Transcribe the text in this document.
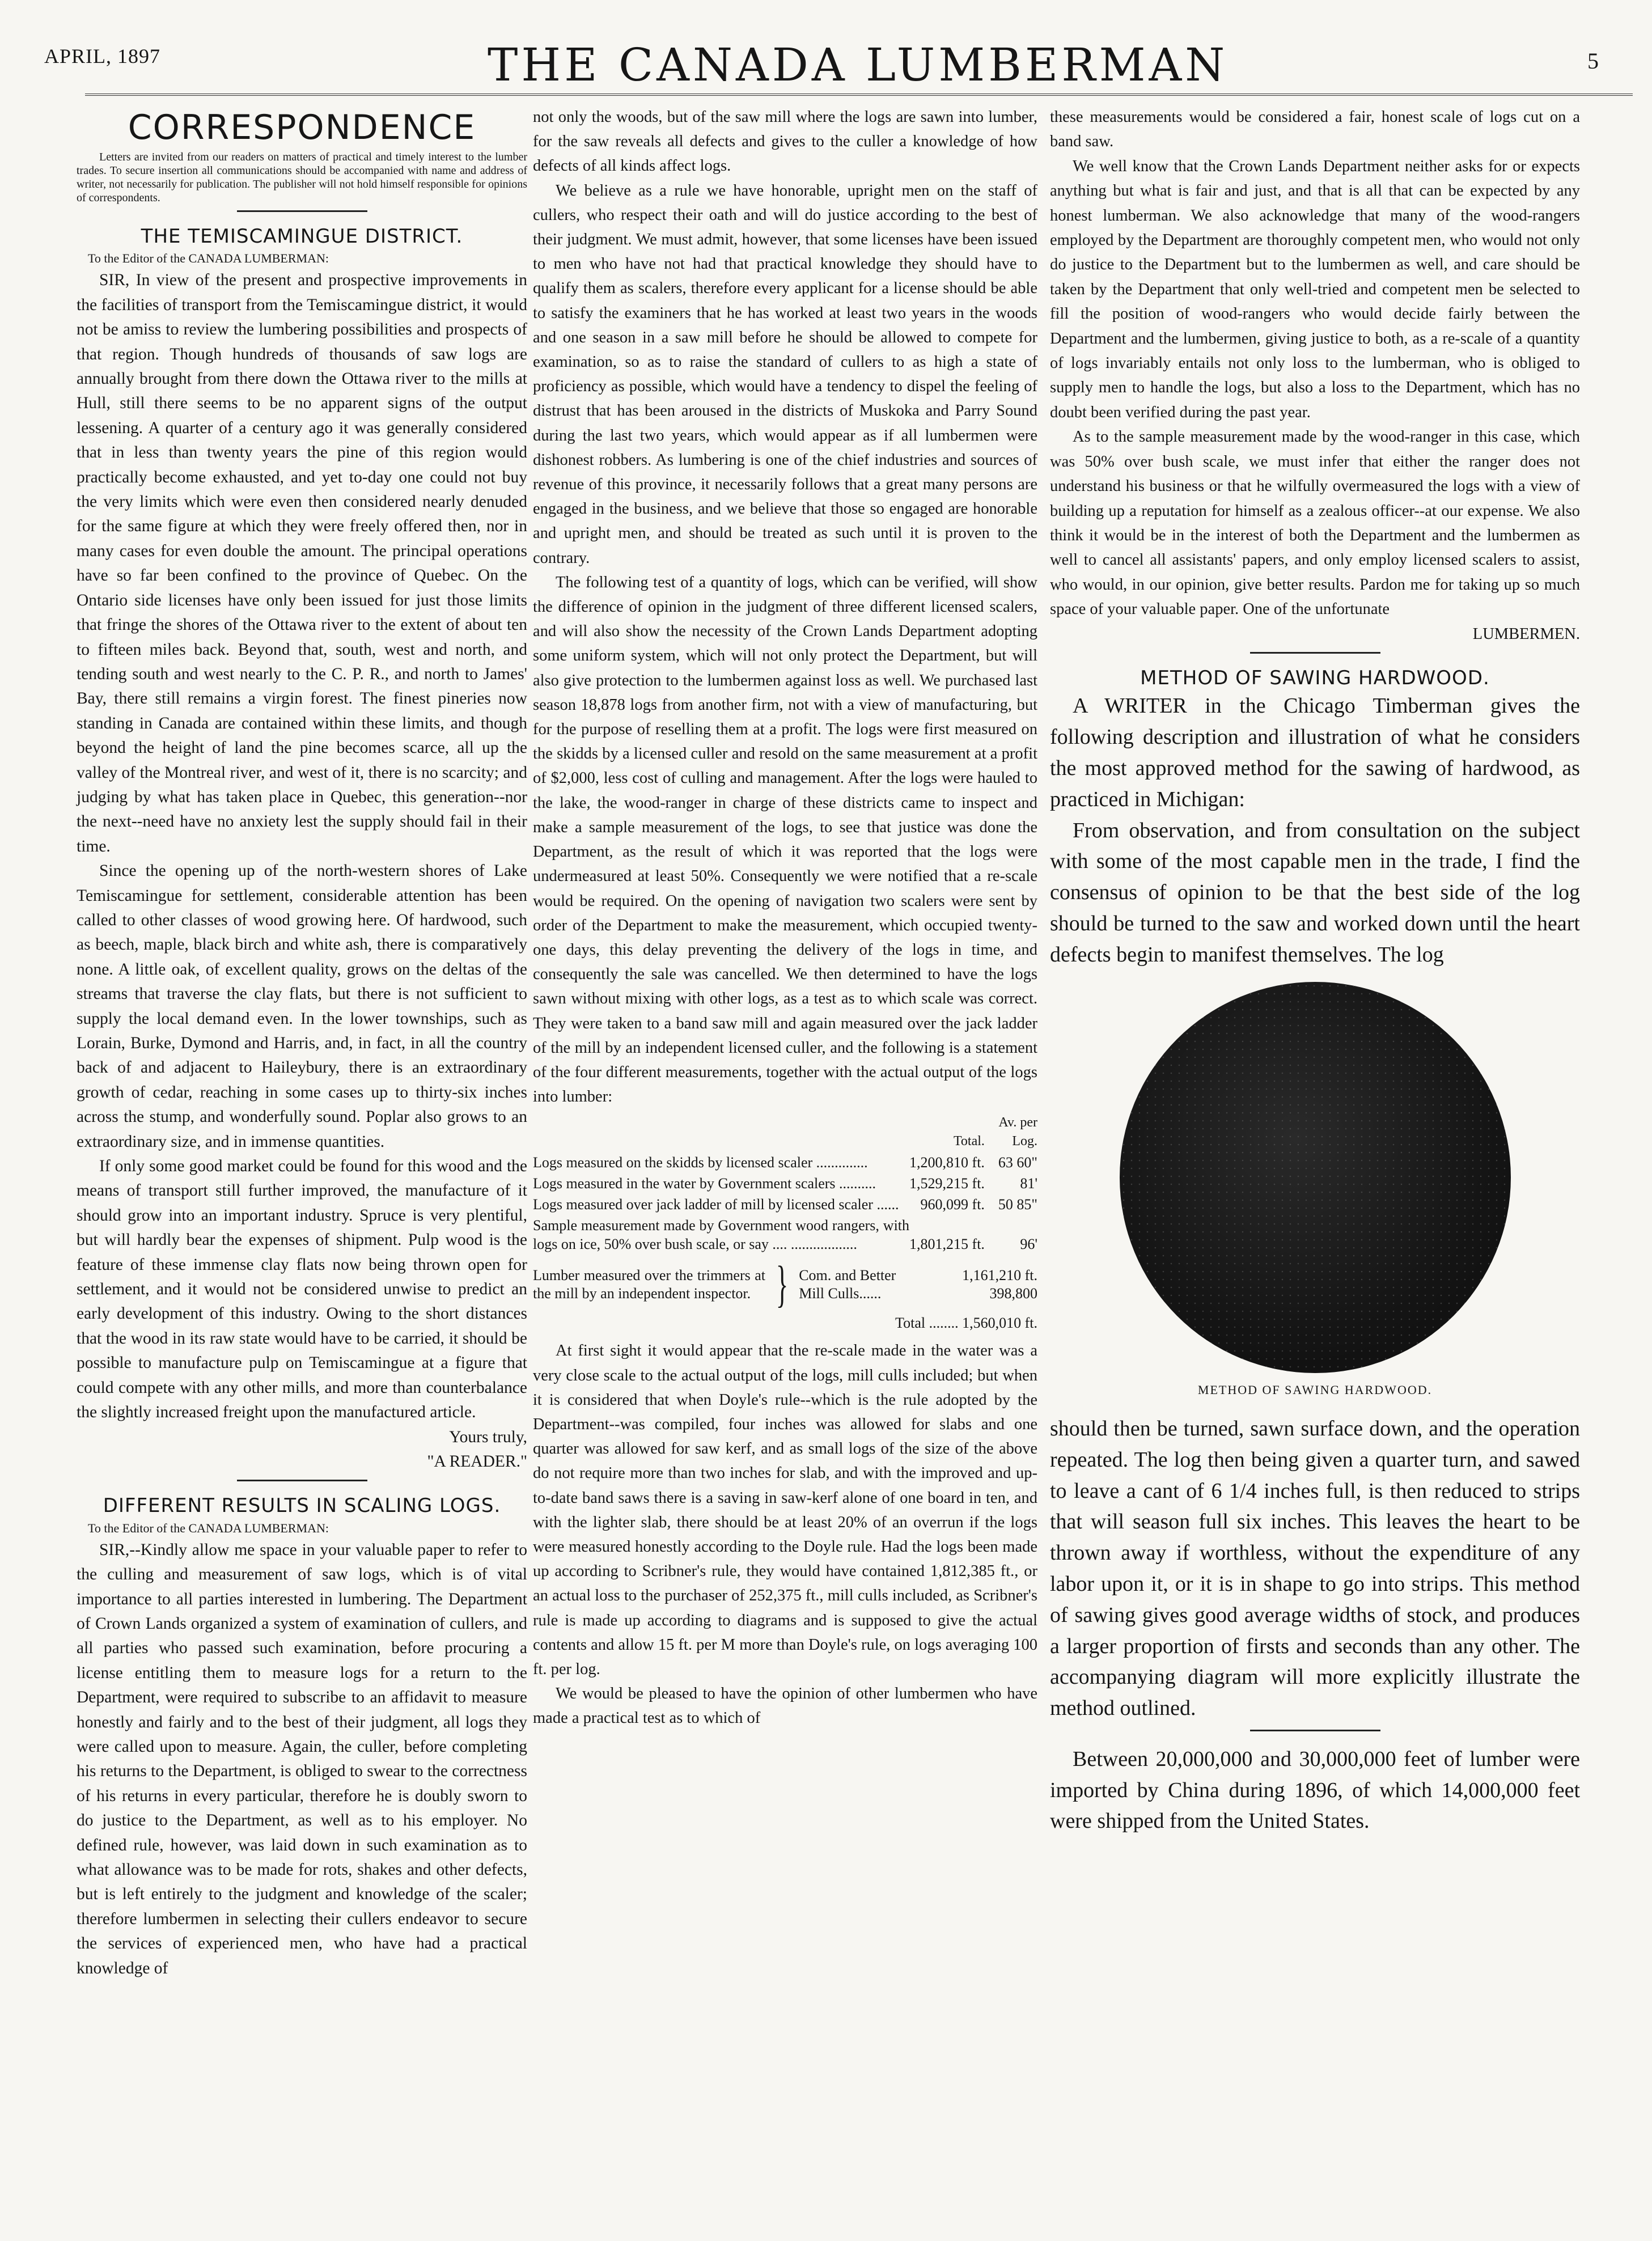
APRIL, 1897	THE CANADA LUMBERMAN	5
CORRESPONDENCE

Letters are invited from our readers on matters of practical and timely interest to the lumber trades. To secure insertion all communications should be accompanied with name and address of writer, not necessarily for publication. The publisher will not hold himself responsible for opinions of correspondents.

THE TEMISCAMINGUE DISTRICT.
To the Editor of the CANADA LUMBERMAN:

SIR, In view of the present and prospective improvements in the facilities of transport from the Temiscamingue district, it would not be amiss to review the lumbering possibilities and prospects of that region. Though hundreds of thousands of saw logs are annually brought from there down the Ottawa river to the mills at Hull, still there seems to be no apparent signs of the output lessening. A quarter of a century ago it was generally considered that in less than twenty years the pine of this region would practically become exhausted, and yet to-day one could not buy the very limits which were even then considered nearly denuded for the same figure at which they were freely offered then, nor in many cases for even double the amount. The principal operations have so far been confined to the province of Quebec. On the Ontario side licenses have only been issued for just those limits that fringe the shores of the Ottawa river to the extent of about ten to fifteen miles back. Beyond that, south, west and north, and tending south and west nearly to the C. P. R., and north to James' Bay, there still remains a virgin forest. The finest pineries now standing in Canada are contained within these limits, and though beyond the height of land the pine becomes scarce, all up the valley of the Montreal river, and west of it, there is no scarcity; and judging by what has taken place in Quebec, this generation--nor the next--need have no anxiety lest the supply should fail in their time.

Since the opening up of the north-western shores of Lake Temiscamingue for settlement, considerable attention has been called to other classes of wood growing here. Of hardwood, such as beech, maple, black birch and white ash, there is comparatively none. A little oak, of excellent quality, grows on the deltas of the streams that traverse the clay flats, but there is not sufficient to supply the local demand even. In the lower townships, such as Lorain, Burke, Dymond and Harris, and, in fact, in all the country back of and adjacent to Haileybury, there is an extraordinary growth of cedar, reaching in some cases up to thirty-six inches across the stump, and wonderfully sound. Poplar also grows to an extraordinary size, and in immense quantities.

If only some good market could be found for this wood and the means of transport still further improved, the manufacture of it should grow into an important industry. Spruce is very plentiful, but will hardly bear the expenses of shipment. Pulp wood is the feature of these immense clay flats now being thrown open for settlement, and it would not be considered unwise to predict an early development of this industry. Owing to the short distances that the wood in its raw state would have to be carried, it should be possible to manufacture pulp on Temiscamingue at a figure that could compete with any other mills, and more than counterbalance the slightly increased freight upon the manufactured article.

Yours truly,
"A READER."
DIFFERENT RESULTS IN SCALING LOGS.
To the Editor of the CANADA LUMBERMAN:

SIR,--Kindly allow me space in your valuable paper to refer to the culling and measurement of saw logs, which is of vital importance to all parties interested in lumbering. The Department of Crown Lands organized a system of examination of cullers, and all parties who passed such examination, before procuring a license entitling them to measure logs for a return to the Department, were required to subscribe to an affidavit to measure honestly and fairly and to the best of their judgment, all logs they were called upon to measure. Again, the culler, before completing his returns to the Department, is obliged to swear to the correctness of his returns in every particular, therefore he is doubly sworn to do justice to the Department, as well as to his employer. No defined rule, however, was laid down in such examination as to what allowance was to be made for rots, shakes and other defects, but is left entirely to the judgment and knowledge of the scaler; therefore lumbermen in selecting their cullers endeavor to secure the services of experienced men, who have had a practical knowledge of

not only the woods, but of the saw mill where the logs are sawn into lumber, for the saw reveals all defects and gives to the culler a knowledge of how defects of all kinds affect logs.

We believe as a rule we have honorable, upright men on the staff of cullers, who respect their oath and will do justice according to the best of their judgment. We must admit, however, that some licenses have been issued to men who have not had that practical knowledge they should have to qualify them as scalers, therefore every applicant for a license should be able to satisfy the examiners that he has worked at least two years in the woods and one season in a saw mill before he should be allowed to compete for examination, so as to raise the standard of cullers to as high a state of proficiency as possible, which would have a tendency to dispel the feeling of distrust that has been aroused in the districts of Muskoka and Parry Sound during the last two years, which would appear as if all lumbermen were dishonest robbers. As lumbering is one of the chief industries and sources of revenue of this province, it necessarily follows that a great many persons are engaged in the business, and we believe that those so engaged are honorable and upright men, and should be treated as such until it is proven to the contrary.

The following test of a quantity of logs, which can be verified, will show the difference of opinion in the judgment of three different licensed scalers, and will also show the necessity of the Crown Lands Department adopting some uniform system, which will not only protect the Department, but will also give protection to the lumbermen against loss as well. We purchased last season 18,878 logs from another firm, not with a view of manufacturing, but for the purpose of reselling them at a profit. The logs were first measured on the skidds by a licensed culler and resold on the same measurement at a profit of $2,000, less cost of culling and management. After the logs were hauled to the lake, the wood-ranger in charge of these districts came to inspect and make a sample measurement of the logs, to see that justice was done the Department, as the result of which it was reported that the logs were undermeasured at least 50%. Consequently we were notified that a re-scale would be required. On the opening of navigation two scalers were sent by order of the Department to make the measurement, which occupied twenty-one days, this delay preventing the delivery of the logs in time, and consequently the sale was cancelled. We then determined to have the logs sawn without mixing with other logs, as a test as to which scale was correct. They were taken to a band saw mill and again measured over the jack ladder of the mill by an independent licensed culler, and the following is a statement of the four different measurements, together with the actual output of the logs into lumber:

	Total.	Av. per Log.
Logs measured on the skidds by licensed scaler ..............	1,200,810 ft.	63 60"
Logs measured in the water by Government scalers ..........	1,529,215 ft.	81'
Logs measured over jack ladder of mill by licensed scaler ......	960,099 ft.	50 85"
Sample measurement made by Government wood rangers, with logs on ice, 50% over bush scale, or say .... ..................	1,801,215 ft.	96'
Lumber measured over the trimmers at the mill by an independent inspector. } Com. and Better	1,161,210 ft.
Mill Culls......	398,800
Total ........ 1,560,010 ft.

At first sight it would appear that the re-scale made in the water was a very close scale to the actual output of the logs, mill culls included; but when it is considered that when Doyle's rule--which is the rule adopted by the Department--was compiled, four inches was allowed for slabs and one quarter was allowed for saw kerf, and as small logs of the size of the above do not require more than two inches for slab, and with the improved and up-to-date band saws there is a saving in saw-kerf alone of one board in ten, and with the lighter slab, there should be at least 20% of an overrun if the logs were measured honestly according to the Doyle rule. Had the logs been made up according to Scribner's rule, they would have contained 1,812,385 ft., or an actual loss to the purchaser of 252,375 ft., mill culls included, as Scribner's rule is made up according to diagrams and is supposed to give the actual contents and allow 15 ft. per M more than Doyle's rule, on logs averaging 100 ft. per log.

We would be pleased to have the opinion of other lumbermen who have made a practical test as to which of

these measurements would be considered a fair, honest scale of logs cut on a band saw.

We well know that the Crown Lands Department neither asks for or expects anything but what is fair and just, and that is all that can be expected by any honest lumberman. We also acknowledge that many of the wood-rangers employed by the Department are thoroughly competent men, who would not only do justice to the Department but to the lumbermen as well, and care should be taken by the Department that only well-tried and competent men be selected to fill the position of wood-rangers who would decide fairly between the Department and the lumbermen, giving justice to both, as a re-scale of a quantity of logs invariably entails not only loss to the lumberman, who is obliged to supply men to handle the logs, but also a loss to the Department, which has no doubt been verified during the past year.

As to the sample measurement made by the wood-ranger in this case, which was 50% over bush scale, we must infer that either the ranger does not understand his business or that he wilfully overmeasured the logs with a view of building up a reputation for himself as a zealous officer--at our expense. We also think it would be in the interest of both the Department and the lumbermen as well to cancel all assistants' papers, and only employ licensed scalers to assist, who would, in our opinion, give better results. Pardon me for taking up so much space of your valuable paper. One of the unfortunate

LUMBERMEN.
METHOD OF SAWING HARDWOOD.

A WRITER in the Chicago Timberman gives the following description and illustration of what he considers the most approved method for the sawing of hardwood, as practiced in Michigan:

From observation, and from consultation on the subject with some of the most capable men in the trade, I find the consensus of opinion to be that the best side of the log should be turned to the saw and worked down until the heart defects begin to manifest themselves. The log

METHOD OF SAWING HARDWOOD.

should then be turned, sawn surface down, and the operation repeated. The log then being given a quarter turn, and sawed to leave a cant of 6 1/4 inches full, is then reduced to strips that will season full six inches. This leaves the heart to be thrown away if worthless, without the expenditure of any labor upon it, or it is in shape to go into strips. This method of sawing gives good average widths of stock, and produces a larger proportion of firsts and seconds than any other. The accompanying diagram will more explicitly illustrate the method outlined.

Between 20,000,000 and 30,000,000 feet of lumber were imported by China during 1896, of which 14,000,000 feet were shipped from the United States.
